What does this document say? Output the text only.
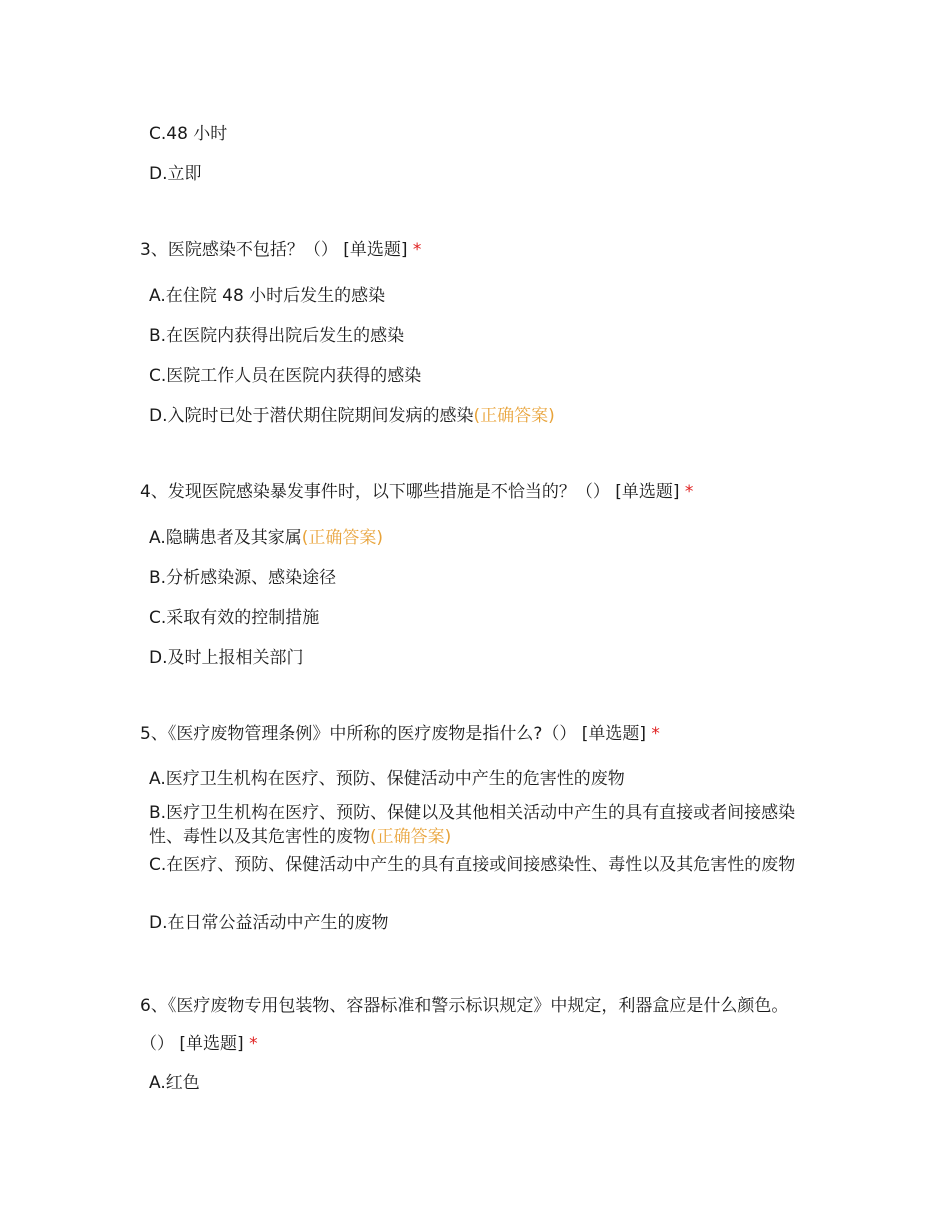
C.48 小时
D.立即
3、医院感染不包括？（） [单选题] *
A.在住院 48 小时后发生的感染
B.在医院内获得出院后发生的感染
C.医院工作人员在医院内获得的感染
D.入院时已处于潜伏期住院期间发病的感染(正确答案)
4、发现医院感染暴发事件时，以下哪些措施是不恰当的？（） [单选题] *
A.隐瞒患者及其家属(正确答案)
B.分析感染源、感染途径
C.采取有效的控制措施
D.及时上报相关部门
5、《医疗废物管理条例》中所称的医疗废物是指什么?（） [单选题] *
A.医疗卫生机构在医疗、预防、保健活动中产生的危害性的废物
B.医疗卫生机构在医疗、预防、保健以及其他相关活动中产生的具有直接或者间接感染性、毒性以及其危害性的废物(正确答案)
C.在医疗、预防、保健活动中产生的具有直接或间接感染性、毒性以及其危害性的废物
D.在日常公益活动中产生的废物
6、《医疗废物专用包装物、容器标准和警示标识规定》中规定，利器盒应是什么颜色。（） [单选题] *
A.红色
